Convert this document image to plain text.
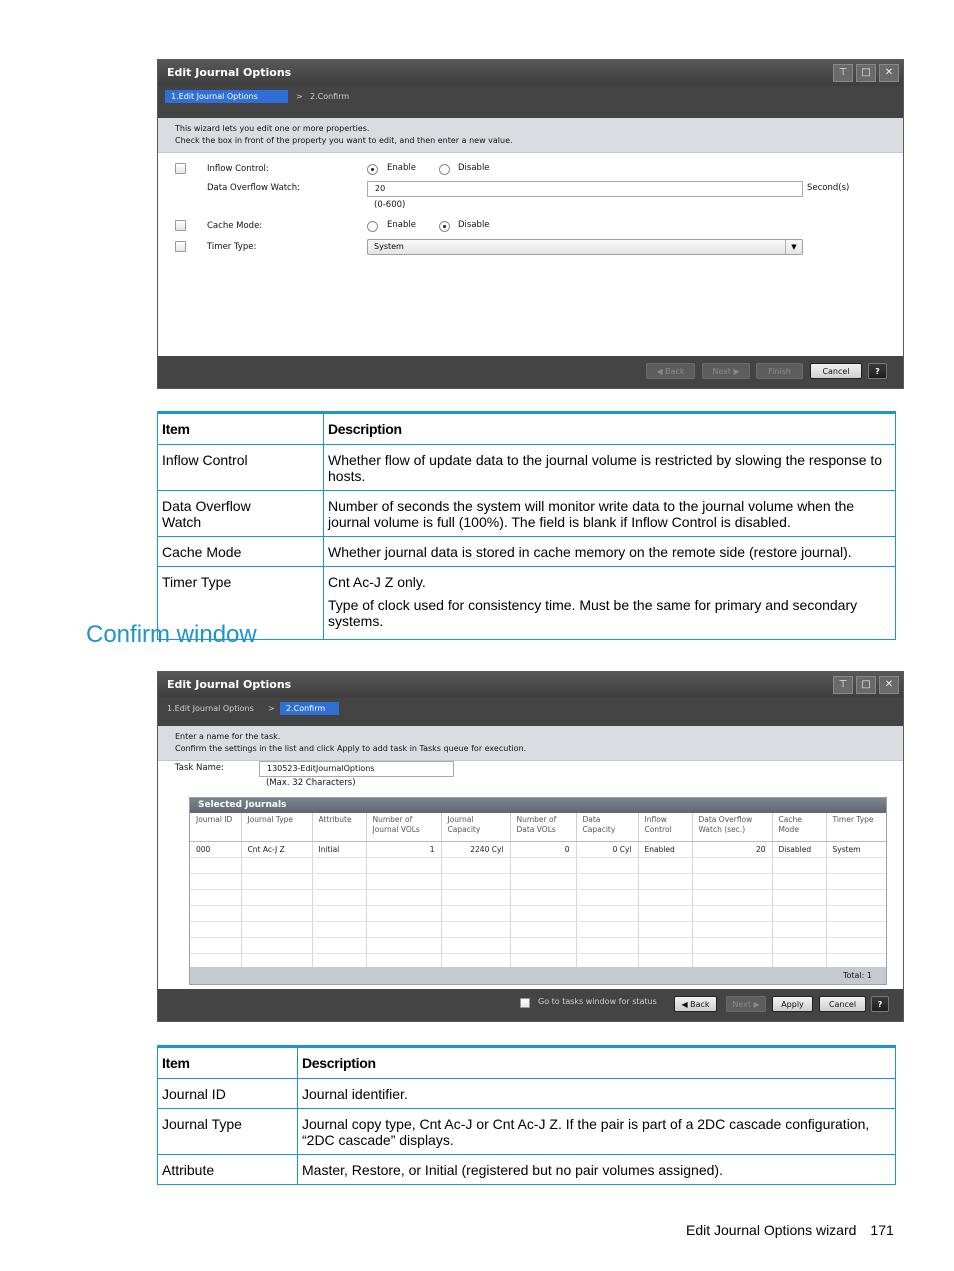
Edit Journal Options	⊤	□	✕
1.Edit Journal Options	> 2.Confirm
This wizard lets you edit one or more properties.
Check the box in front of the property you want to edit, and then enter a new value.
Inflow Control:	Enable	Disable
Data Overflow Watch:	20	Second(s)
(0-600)
Cache Mode:	Enable	Disable
Timer Type:	System	▼
◀ Back	Next ▶	Finish	Cancel	?
Item	Description
Inflow Control	Whether flow of update data to the journal volume is restricted by slowing the response to hosts.
Data Overflow Watch	Number of seconds the system will monitor write data to the journal volume when the journal volume is full (100%). The field is blank if Inflow Control is disabled.
Cache Mode	Whether journal data is stored in cache memory on the remote side (restore journal).
Timer Type	Cnt Ac-J Z only.
Type of clock used for consistency time. Must be the same for primary and secondary systems.
Confirm window
Edit Journal Options	⊤	□	✕
1.Edit Journal Options	>	2.Confirm
Enter a name for the task.
Confirm the settings in the list and click Apply to add task in Tasks queue for execution.
Task Name:	130523-EditJournalOptions
(Max. 32 Characters)
Selected Journals
Journal ID	Journal Type	Attribute	Number of Journal VOLs	Journal Capacity	Number of Data VOLs	Data Capacity	Inflow Control	Data Overflow Watch (sec.)	Cache Mode	Timer Type
000	Cnt Ac-J Z	Initial	1	2240 Cyl	0	0 Cyl	Enabled	20	Disabled	System

Total: 1
Go to tasks window for status	◀ Back	Next ▶	Apply	Cancel	?
Item	Description
Journal ID	Journal identifier.
Journal Type	Journal copy type, Cnt Ac-J or Cnt Ac-J Z. If the pair is part of a 2DC cascade configuration, “2DC cascade” displays.
Attribute	Master, Restore, or Initial (registered but no pair volumes assigned).
Edit Journal Options wizard 171
